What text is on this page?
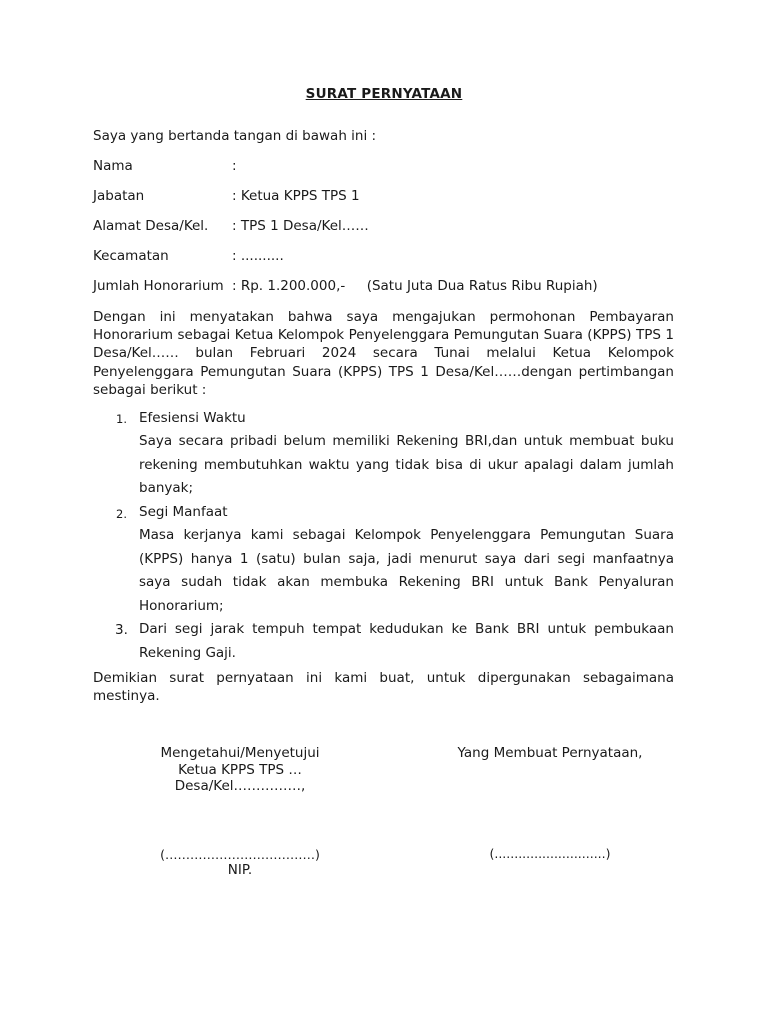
SURAT PERNYATAAN
Saya yang bertanda tangan di bawah ini :
Nama	:
Jabatan	: Ketua KPPS TPS 1
Alamat Desa/Kel. : TPS 1 Desa/Kel……
Kecamatan	: ..........
Jumlah Honorarium : Rp. 1.200.000,-     (Satu Juta Dua Ratus Ribu Rupiah)
Dengan ini menyatakan bahwa saya mengajukan permohonan Pembayaran Honorarium sebagai Ketua Kelompok Penyelenggara Pemungutan Suara (KPPS) TPS 1 Desa/Kel…… bulan Februari 2024 secara Tunai melalui Ketua Kelompok Penyelenggara Pemungutan Suara (KPPS) TPS 1 Desa/Kel……dengan pertimbangan sebagai berikut :
1. Efesiensi Waktu
Saya secara pribadi belum memiliki Rekening BRI,dan untuk membuat buku rekening membutuhkan waktu yang tidak bisa di ukur apalagi dalam jumlah banyak;
2. Segi Manfaat
Masa kerjanya kami sebagai Kelompok Penyelenggara Pemungutan Suara (KPPS) hanya 1 (satu) bulan saja, jadi menurut saya dari segi manfaatnya saya sudah tidak akan membuka Rekening BRI untuk Bank Penyaluran Honorarium;
3. Dari segi jarak tempuh tempat kedudukan ke Bank BRI untuk pembukaan Rekening Gaji.
Demikian surat pernyataan ini kami buat, untuk dipergunakan sebagaimana mestinya.
Mengetahui/Menyetujui
Ketua KPPS TPS …
Desa/Kel……………,
Yang Membuat Pernyataan,
(………………………………)
NIP.
(............................)
